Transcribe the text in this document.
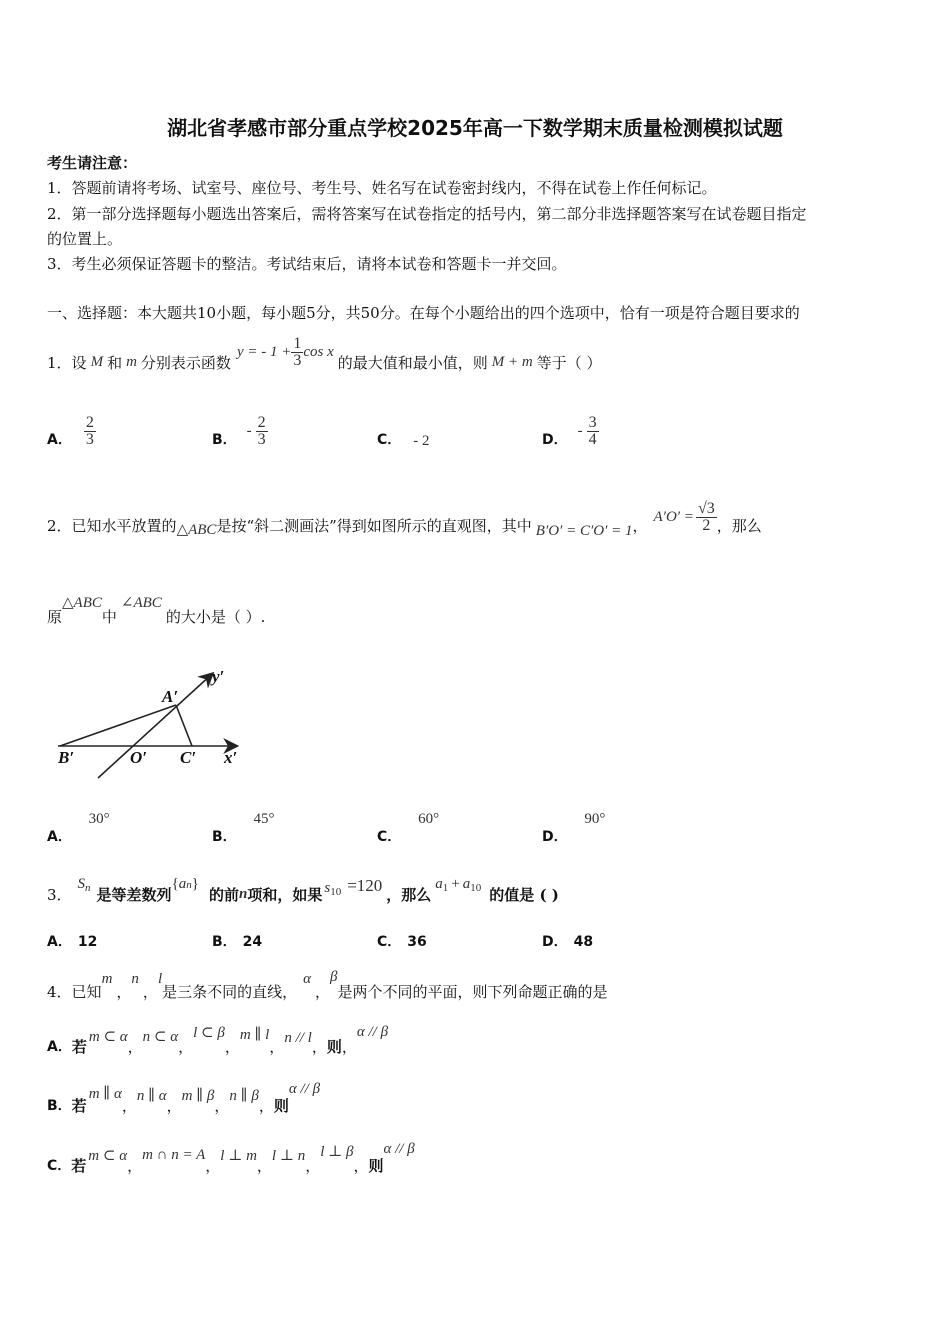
湖北省孝感市部分重点学校2025年高一下数学期末质量检测模拟试题
考生请注意：
1．答题前请将考场、试室号、座位号、考生号、姓名写在试卷密封线内，不得在试卷上作任何标记。
2．第一部分选择题每小题选出答案后，需将答案写在试卷指定的括号内，第二部分非选择题答案写在试卷题目指定
的位置上。
3．考生必须保证答题卡的整洁。考试结束后，请将本试卷和答题卡一并交回。
一、选择题：本大题共10小题，每小题5分，共50分。在每个小题给出的四个选项中，恰有一项是符合题目要求的
1． 设 M 和 m 分别表示函数
y = - $1 + \frac{1}{3}$ cos x
的最大值和最小值，则 M + m 等于（ ）
A． $\frac{2}{3}$	B．
- $\frac{2}{3}$	C． - 2	D．
- $\frac{3}{4}$
2． 已知水平放置的 △ABC 是按“斜二测画法”得到如图所示的直观图，其中 B′O′ = C′O′ = 1 ， $A'O' = \frac{√3}{2}$ ，那么
原
△ABC
中
∠ABC
的大小是（ ）.
A′
B′	O′ C′ x′
y′
A． 30°
B． 45°
C． 60°
D． 90°
3．
S n 是等差数列
{an}
的前 n 项和，如果 s 10 =120 ，那么
a 1 + a 10 的值是 ( )
A． 12	B． 24	C． 36	D． 48
4． 已知
m
，
n
，
l
是三条不同的直线，
α
，
β
是两个不同的平面，则下列命题正确的是
A． 若
m ⊂ α
，
n ⊂ α
，
l ⊂ β
，
m ∥ l
， n // l ， 则 ，
α // β
B． 若
m ∥ α
，
n ∥ α
，
m ∥ β
，
n ∥ β
， 则
α // β
C． 若
m ⊂ α
，
m ∩ n = A
，
l ⊥ m
，
l ⊥ n
，
l ⊥ β
， 则
α // β
